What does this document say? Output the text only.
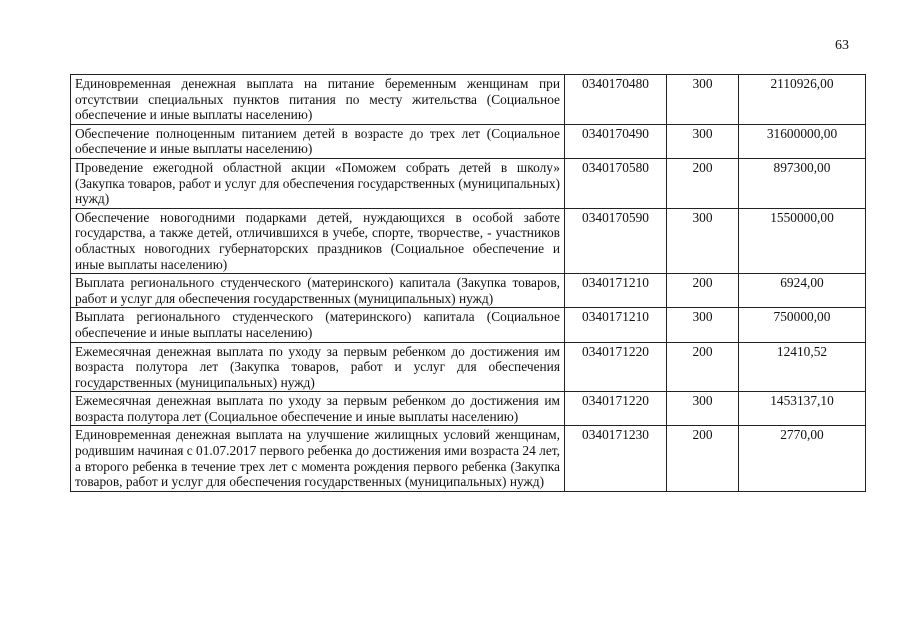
63
Единовременная денежная выплата на питание беременным женщинам при отсутствии специальных пунктов питания по месту жительства (Социальное обеспечение и иные выплаты населению)	0340170480	300	2110926,00
Обеспечение полноценным питанием детей в возрасте до трех лет (Социальное обеспечение и иные выплаты населению)	0340170490	300	31600000,00
Проведение ежегодной областной акции «Поможем собрать детей в школу» (Закупка товаров, работ и услуг для обеспечения государственных (муниципальных) нужд)	0340170580	200	897300,00
Обеспечение новогодними подарками детей, нуждающихся в особой заботе государства, а также детей, отличившихся в учебе, спорте, творчестве, - участников областных новогодних губернаторских праздников (Социальное обеспечение и иные выплаты населению)	0340170590	300	1550000,00
Выплата регионального студенческого (материнского) капитала (Закупка товаров, работ и услуг для обеспечения государственных (муниципальных) нужд)	0340171210	200	6924,00
Выплата регионального студенческого (материнского) капитала (Социальное обеспечение и иные выплаты населению)	0340171210	300	750000,00
Ежемесячная денежная выплата по уходу за первым ребенком до достижения им возраста полутора лет (Закупка товаров, работ и услуг для обеспечения государственных (муниципальных) нужд)	0340171220	200	12410,52
Ежемесячная денежная выплата по уходу за первым ребенком до достижения им возраста полутора лет (Социальное обеспечение и иные выплаты населению)	0340171220	300	1453137,10
Единовременная денежная выплата на улучшение жилищных условий женщинам, родившим начиная с 01.07.2017 первого ребенка до достижения ими возраста 24 лет, а второго ребенка в течение трех лет с момента рождения первого ребенка (Закупка товаров, работ и услуг для обеспечения государственных (муниципальных) нужд)	0340171230	200	2770,00
